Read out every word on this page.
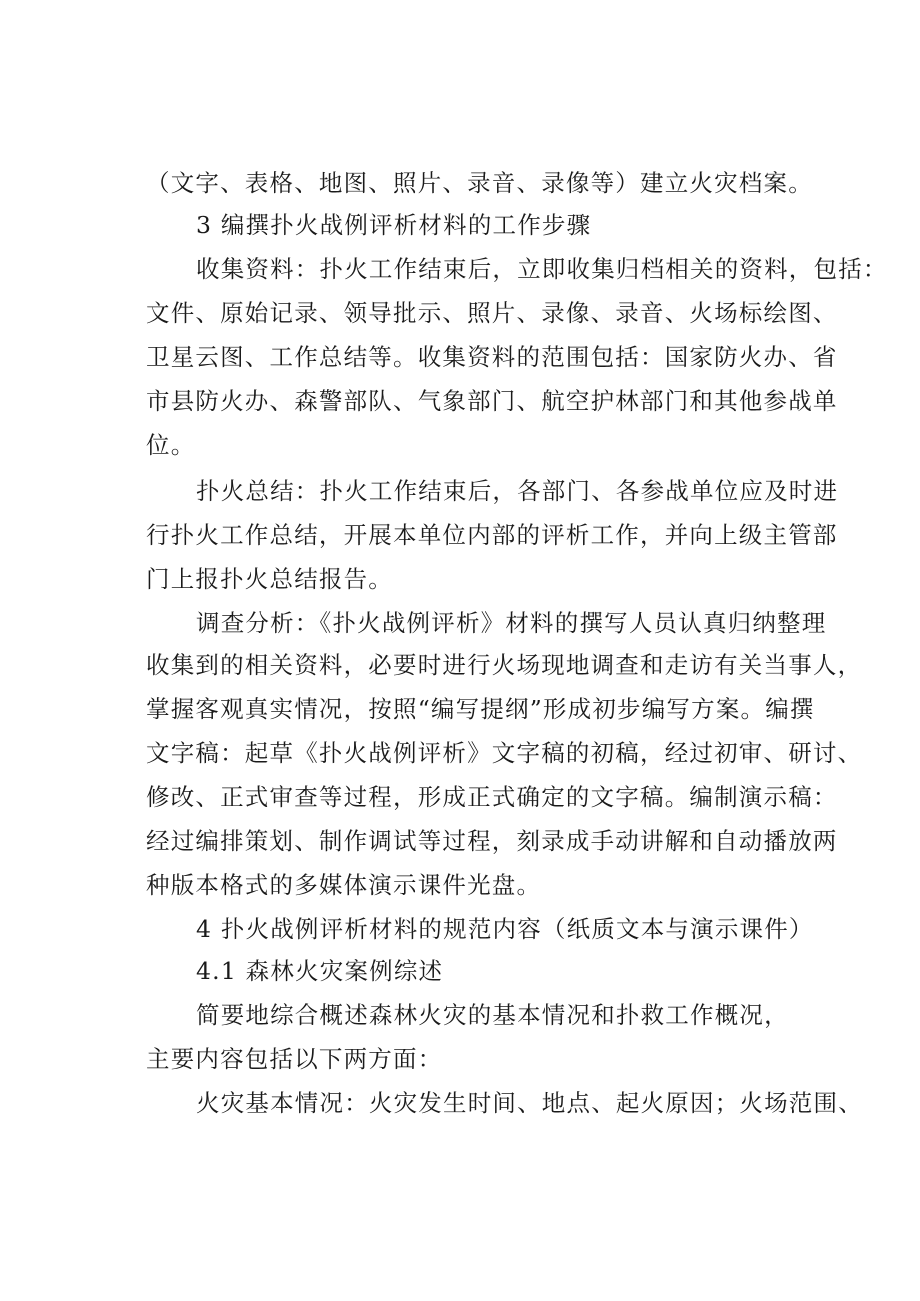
（文字、表格、地图、照片、录音、录像等）建立火灾档案。

3 编撰扑火战例评析材料的工作步骤

收集资料：扑火工作结束后，立即收集归档相关的资料，包括：

文件、原始记录、领导批示、照片、录像、录音、火场标绘图、

卫星云图、工作总结等。收集资料的范围包括：国家防火办、省

市县防火办、森警部队、气象部门、航空护林部门和其他参战单

位。

扑火总结：扑火工作结束后，各部门、各参战单位应及时进

行扑火工作总结，开展本单位内部的评析工作，并向上级主管部

门上报扑火总结报告。

调查分析：《扑火战例评析》材料的撰写人员认真归纳整理

收集到的相关资料，必要时进行火场现地调查和走访有关当事人，

掌握客观真实情况，按照“编写提纲”形成初步编写方案。编撰

文字稿：起草《扑火战例评析》文字稿的初稿，经过初审、研讨、

修改、正式审查等过程，形成正式确定的文字稿。编制演示稿：

经过编排策划、制作调试等过程，刻录成手动讲解和自动播放两

种版本格式的多媒体演示课件光盘。

4 扑火战例评析材料的规范内容（纸质文本与演示课件）

4.1 森林火灾案例综述

简要地综合概述森林火灾的基本情况和扑救工作概况，

主要内容包括以下两方面：

火灾基本情况：火灾发生时间、地点、起火原因；火场范围、
